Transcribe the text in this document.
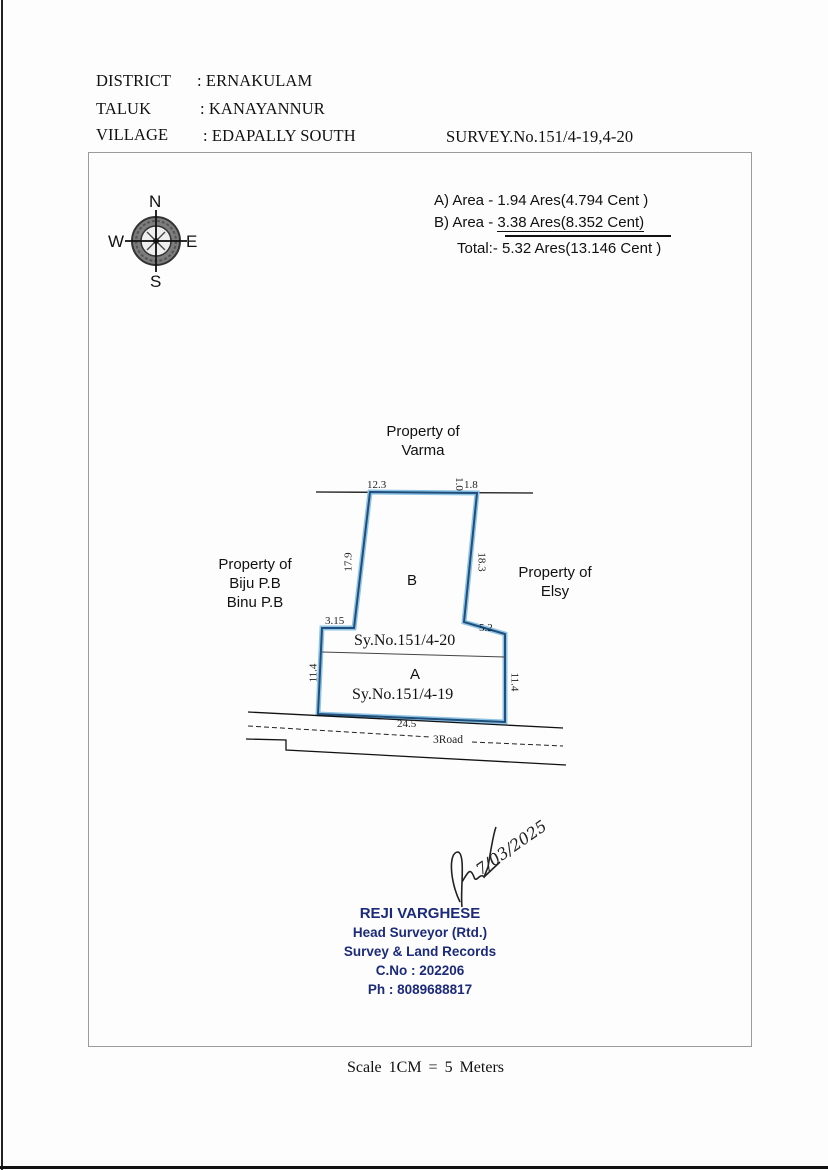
DISTRICT : ERNAKULAM
TALUK	: KANAYANNUR
VILLAGE : EDAPALLY SOUTH	SURVEY.No.151/4-19,4-20
N
W	E
S
A) Area - 1.94 Ares(4.794 Cent )
B) Area - 3.38 Ares(8.352 Cent)
Total:- 5.32 Ares(13.146 Cent )
Property of
Varma
Property of
Biju P.B
Binu P.B
Property of
Elsy
12.3	1.0 1.8
17.9	18.3
3.15
5.2
11.4	11.4
24.5
B
Sy.No.151/4-20
A
Sy.No.151/4-19
3Road
7/03/2025
REJI VARGHESE
Head Surveyor (Rtd.)
Survey & Land Records
C.No : 202206
Ph : 8089688817
Scale 1CM = 5 Meters
